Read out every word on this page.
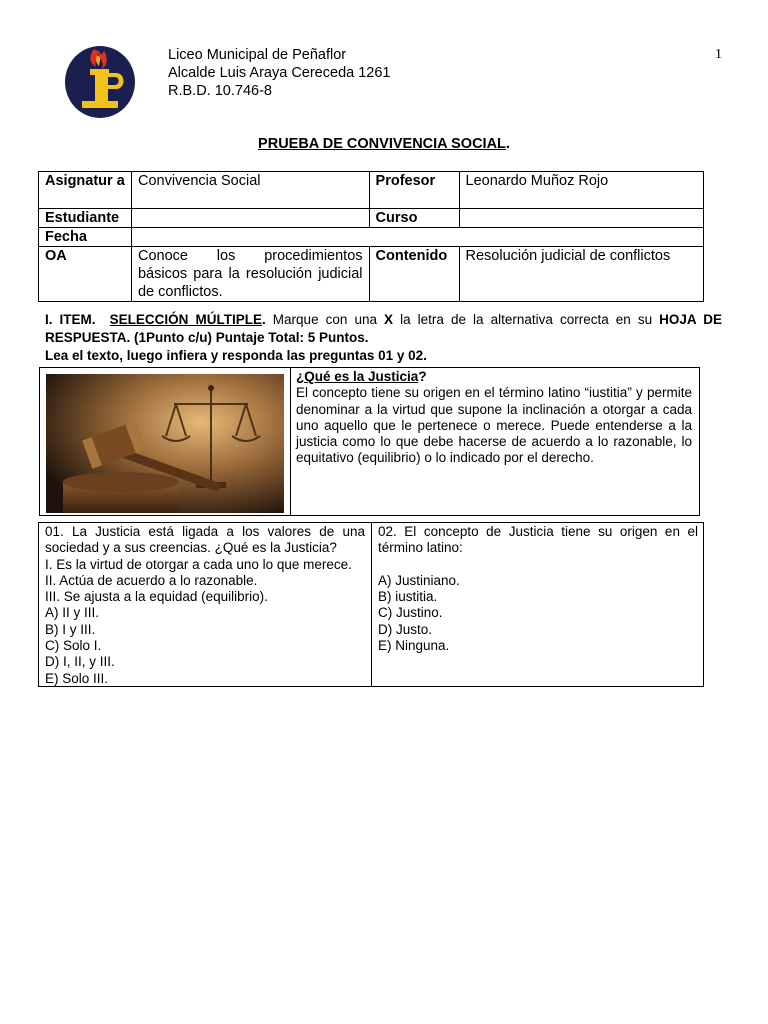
Liceo Municipal de Peñaflor
Alcalde Luis Araya Cereceda 1261
R.B.D. 10.746-8
1
PRUEBA DE CONVIVENCIA SOCIAL.
Asignatur a	Convivencia Social	Profesor	Leonardo Muñoz Rojo
Estudiante		Curso	
Fecha			
OA	Conoce los procedimientos básicos para la resolución judicial de conflictos.	Contenido	Resolución judicial de conflictos

I. ITEM. SELECCIÓN MÚLTIPLE. Marque con una X la letra de la alternativa correcta en su HOJA DE RESPUESTA. (1Punto c/u) Puntaje Total: 5 Puntos.

Lea el texto, luego infiera y responda las preguntas 01 y 02.

¿Qué es la Justicia?
El concepto tiene su origen en el término latino “iustitia” y permite denominar a la virtud que supone la inclinación a otorgar a cada uno aquello que le pertenece o merece. Puede entenderse a la justicia como lo que debe hacerse de acuerdo a lo razonable, lo equitativo (equilibrio) o lo indicado por el derecho.
01. La Justicia está ligada a los valores de una sociedad y a sus creencias. ¿Qué es la Justicia?
I. Es la virtud de otorgar a cada uno lo que merece.
II. Actúa de acuerdo a lo razonable.
III. Se ajusta a la equidad (equilibrio).
A) II y III.
B) I y III.
C) Solo I.
D) I, II, y III.
E) Solo III.
02. El concepto de Justicia tiene su origen en el término latino:
A) Justiniano.
B) iustitia.
C) Justino.
D) Justo.
E) Ninguna.
